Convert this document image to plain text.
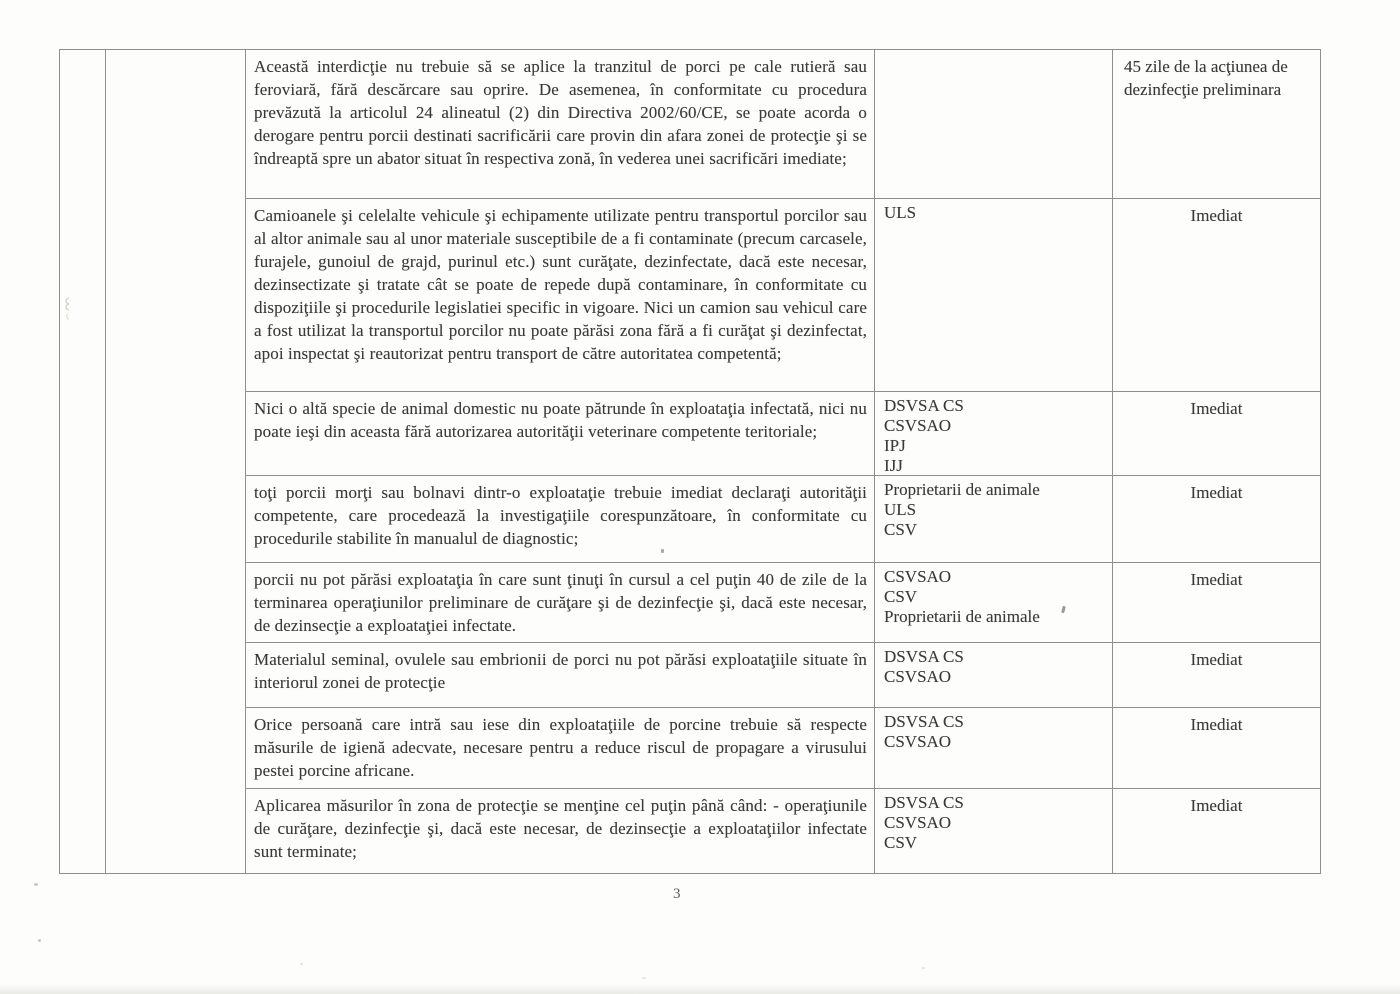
Această interdicţie nu trebuie să se aplice la tranzitul de porci pe cale rutieră sau feroviară, fără descărcare sau oprire. De asemenea, în conformitate cu procedura prevăzută la articolul 24 alineatul (2) din Directiva 2002/60/CE, se poate acorda o derogare pentru porcii destinati sacrificării care provin din afara zonei de protecţie şi se îndreaptă spre un abator situat în respectiva zonă, în vederea unei sacrificări imediate;
45 zile de la acţiunea de dezinfecţie preliminara
Camioanele şi celelalte vehicule şi echipamente utilizate pentru transportul porcilor sau al altor animale sau al unor materiale susceptibile de a fi contaminate (precum carcasele, furajele, gunoiul de grajd, purinul etc.) sunt curăţate, dezinfectate, dacă este necesar, dezinsectizate şi tratate cât se poate de repede după contaminare, în conformitate cu dispoziţiile şi procedurile legislatiei specific in vigoare. Nici un camion sau vehicul care a fost utilizat la transportul porcilor nu poate părăsi zona fără a fi curăţat şi dezinfectat, apoi inspectat şi reautorizat pentru transport de către autoritatea competentă;
ULS	Imediat
Nici o altă specie de animal domestic nu poate pătrunde în exploataţia infectată, nici nu poate ieşi din aceasta fără autorizarea autorităţii veterinare competente teritoriale;
DSVSA CS
CSVSAO
IPJ
IJJ
Imediat
toţi porcii morţi sau bolnavi dintr-o exploataţie trebuie imediat declaraţi autorităţii competente, care procedează la investigaţiile corespunzătoare, în conformitate cu procedurile stabilite în manualul de diagnostic;
Proprietarii de animale
ULS
CSV
Imediat
porcii nu pot părăsi exploataţia în care sunt ţinuţi în cursul a cel puţin 40 de zile de la terminarea operaţiunilor preliminare de curăţare şi de dezinfecţie şi, dacă este necesar, de dezinsecţie a exploataţiei infectate.
CSVSAO
CSV
Proprietarii de animale
Imediat
Materialul seminal, ovulele sau embrionii de porci nu pot părăsi exploataţiile situate în interiorul zonei de protecţie
DSVSA CS
CSVSAO
Imediat
Orice persoană care intră sau iese din exploataţiile de porcine trebuie să respecte măsurile de igienă adecvate, necesare pentru a reduce riscul de propagare a virusului pestei porcine africane.
DSVSA CS
CSVSAO
Imediat
Aplicarea măsurilor în zona de protecţie se menţine cel puţin până când: - operaţiunile de curăţare, dezinfecţie şi, dacă este necesar, de dezinsecţie a exploataţiilor infectate sunt terminate;
DSVSA CS
CSVSAO
CSV
Imediat
3
